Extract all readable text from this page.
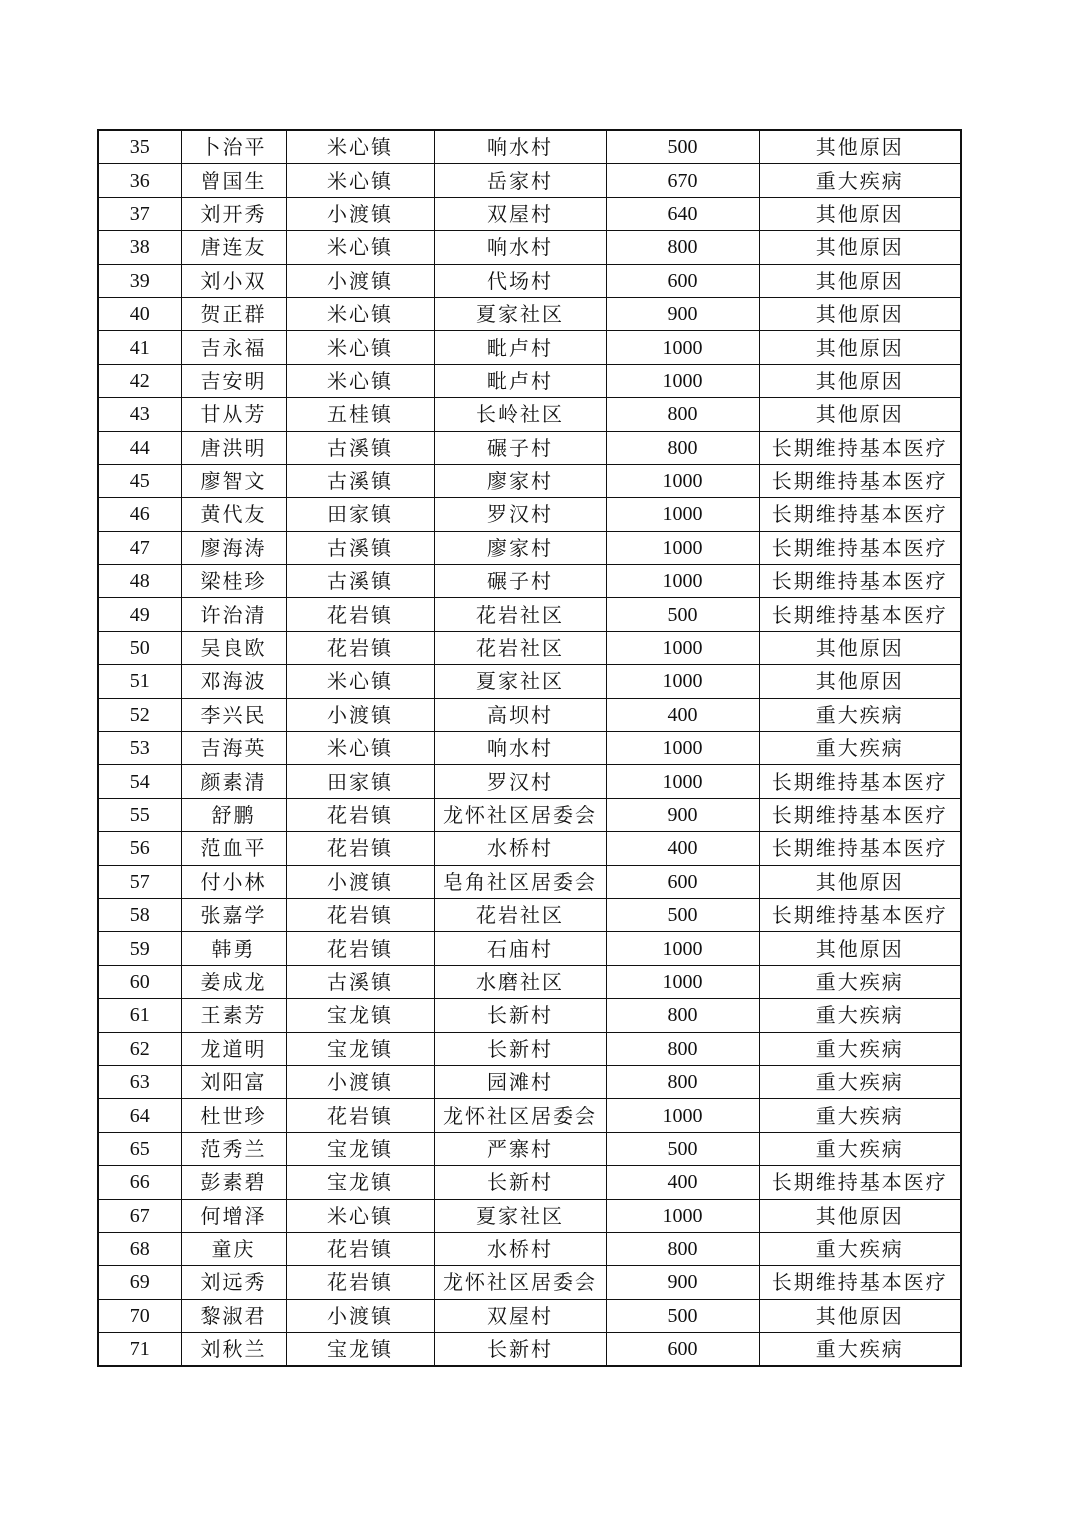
35	卜治平	米心镇	响水村	500	其他原因
36	曾国生	米心镇	岳家村	670	重大疾病
37	刘开秀	小渡镇	双屋村	640	其他原因
38	唐连友	米心镇	响水村	800	其他原因
39	刘小双	小渡镇	代场村	600	其他原因
40	贺正群	米心镇	夏家社区	900	其他原因
41	吉永福	米心镇	毗卢村	1000	其他原因
42	吉安明	米心镇	毗卢村	1000	其他原因
43	甘从芳	五桂镇	长岭社区	800	其他原因
44	唐洪明	古溪镇	碾子村	800	长期维持基本医疗
45	廖智文	古溪镇	廖家村	1000	长期维持基本医疗
46	黄代友	田家镇	罗汉村	1000	长期维持基本医疗
47	廖海涛	古溪镇	廖家村	1000	长期维持基本医疗
48	梁桂珍	古溪镇	碾子村	1000	长期维持基本医疗
49	许治清	花岩镇	花岩社区	500	长期维持基本医疗
50	吴良欧	花岩镇	花岩社区	1000	其他原因
51	邓海波	米心镇	夏家社区	1000	其他原因
52	李兴民	小渡镇	高坝村	400	重大疾病
53	吉海英	米心镇	响水村	1000	重大疾病
54	颜素清	田家镇	罗汉村	1000	长期维持基本医疗
55	舒鹏	花岩镇	龙怀社区居委会	900	长期维持基本医疗
56	范血平	花岩镇	水桥村	400	长期维持基本医疗
57	付小林	小渡镇	皂角社区居委会	600	其他原因
58	张嘉学	花岩镇	花岩社区	500	长期维持基本医疗
59	韩勇	花岩镇	石庙村	1000	其他原因
60	姜成龙	古溪镇	水磨社区	1000	重大疾病
61	王素芳	宝龙镇	长新村	800	重大疾病
62	龙道明	宝龙镇	长新村	800	重大疾病
63	刘阳富	小渡镇	园滩村	800	重大疾病
64	杜世珍	花岩镇	龙怀社区居委会	1000	重大疾病
65	范秀兰	宝龙镇	严寨村	500	重大疾病
66	彭素碧	宝龙镇	长新村	400	长期维持基本医疗
67	何增泽	米心镇	夏家社区	1000	其他原因
68	童庆	花岩镇	水桥村	800	重大疾病
69	刘远秀	花岩镇	龙怀社区居委会	900	长期维持基本医疗
70	黎淑君	小渡镇	双屋村	500	其他原因
71	刘秋兰	宝龙镇	长新村	600	重大疾病
